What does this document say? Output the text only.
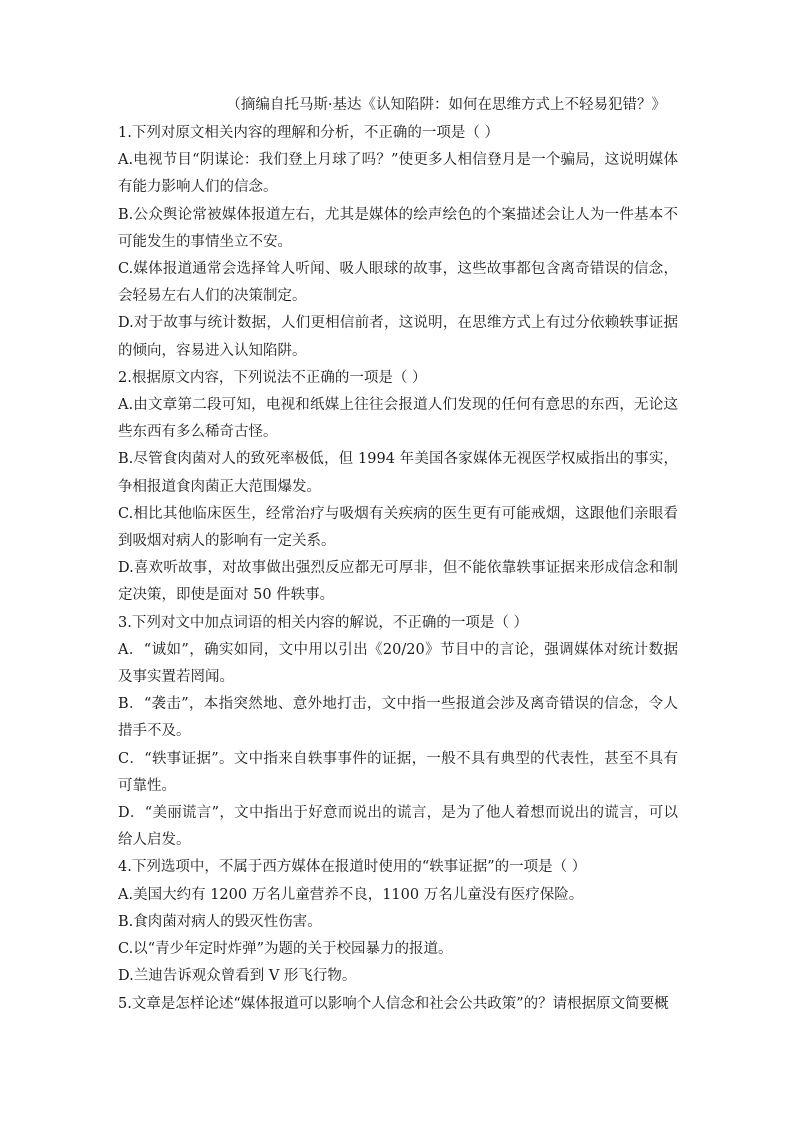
（摘编自托马斯·基达《认知陷阱：如何在思维方式上不轻易犯错？》

1.下列对原文相关内容的理解和分析，不正确的一项是（ ）

A.电视节目“阴谋论：我们登上月球了吗？”使更多人相信登月是一个骗局，这说明媒体有能力影响人们的信念。

B.公众舆论常被媒体报道左右，尤其是媒体的绘声绘色的个案描述会让人为一件基本不可能发生的事情坐立不安。

C.媒体报道通常会选择耸人听闻、吸人眼球的故事，这些故事都包含离奇错误的信念，会轻易左右人们的决策制定。

D.对于故事与统计数据，人们更相信前者，这说明，在思维方式上有过分依赖轶事证据的倾向，容易进入认知陷阱。

2.根据原文内容，下列说法不正确的一项是（ ）

A.由文章第二段可知，电视和纸媒上往往会报道人们发现的任何有意思的东西，无论这些东西有多么稀奇古怪。

B.尽管食肉菌对人的致死率极低，但 1994 年美国各家媒体无视医学权威指出的事实，争相报道食肉菌正大范围爆发。

C.相比其他临床医生，经常治疗与吸烟有关疾病的医生更有可能戒烟，这跟他们亲眼看到吸烟对病人的影响有一定关系。

D.喜欢听故事，对故事做出强烈反应都无可厚非，但不能依靠轶事证据来形成信念和制定决策，即使是面对 50 件轶事。

3.下列对文中加点词语的相关内容的解说，不正确的一项是（ ）

A．“诚如”，确实如同，文中用以引出《20/20》节目中的言论，强调媒体对统计数据及事实置若罔闻。

B．“袭击”，本指突然地、意外地打击，文中指一些报道会涉及离奇错误的信念，令人措手不及。

C．“轶事证据”。文中指来自轶事事件的证据，一般不具有典型的代表性，甚至不具有可靠性。

D．“美丽谎言”，文中指出于好意而说出的谎言，是为了他人着想而说出的谎言，可以给人启发。

4.下列选项中，不属于西方媒体在报道时使用的“轶事证据”的一项是（ ）

A.美国大约有 1200 万名儿童营养不良，1100 万名儿童没有医疗保险。

B.食肉菌对病人的毁灭性伤害。

C.以“青少年定时炸弹”为题的关于校园暴力的报道。

D.兰迪告诉观众曾看到 V 形飞行物。

5.文章是怎样论述“媒体报道可以影响个人信念和社会公共政策”的？请根据原文简要概
